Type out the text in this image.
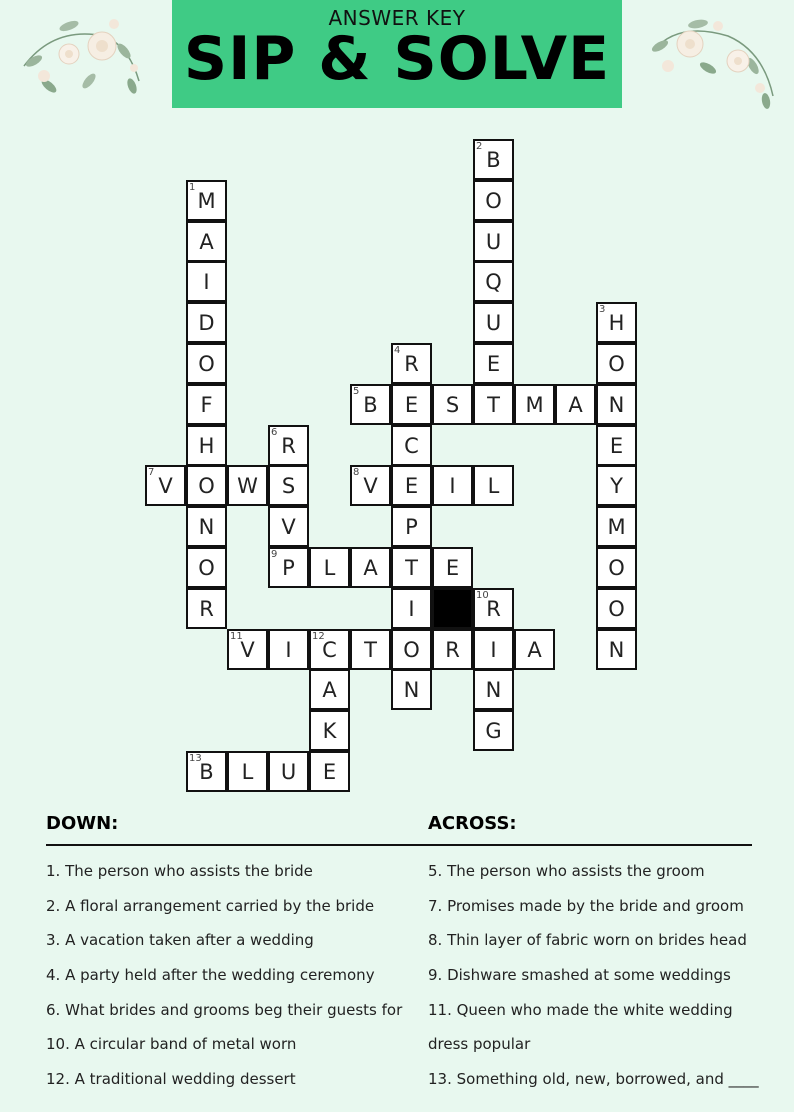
ANSWER KEY
SIP & SOLVE
2
B
1
M	O
A	U
I	Q
D	U
3
H
O
4
R	E	O
F
5
B E S T M A N
H
6
R	C	E
7
V O W S
8
V E I L	Y
N	V	P	M
O
9
P L A T E	O
R	I
10
R	O
11
V I
12
C T O R I A	N
A	N	N
K	G
13
B L U E
DOWN:	ACROSS:
1. The person who assists the bride
2. A floral arrangement carried by the bride
3. A vacation taken after a wedding
4. A party held after the wedding ceremony
6. What brides and grooms beg their guests for
10. A circular band of metal worn
12. A traditional wedding dessert
5. The person who assists the groom
7. Promises made by the bride and groom
8. Thin layer of fabric worn on brides head
9. Dishware smashed at some weddings
11. Queen who made the white wedding
dress popular
13. Something old, new, borrowed, and ____
